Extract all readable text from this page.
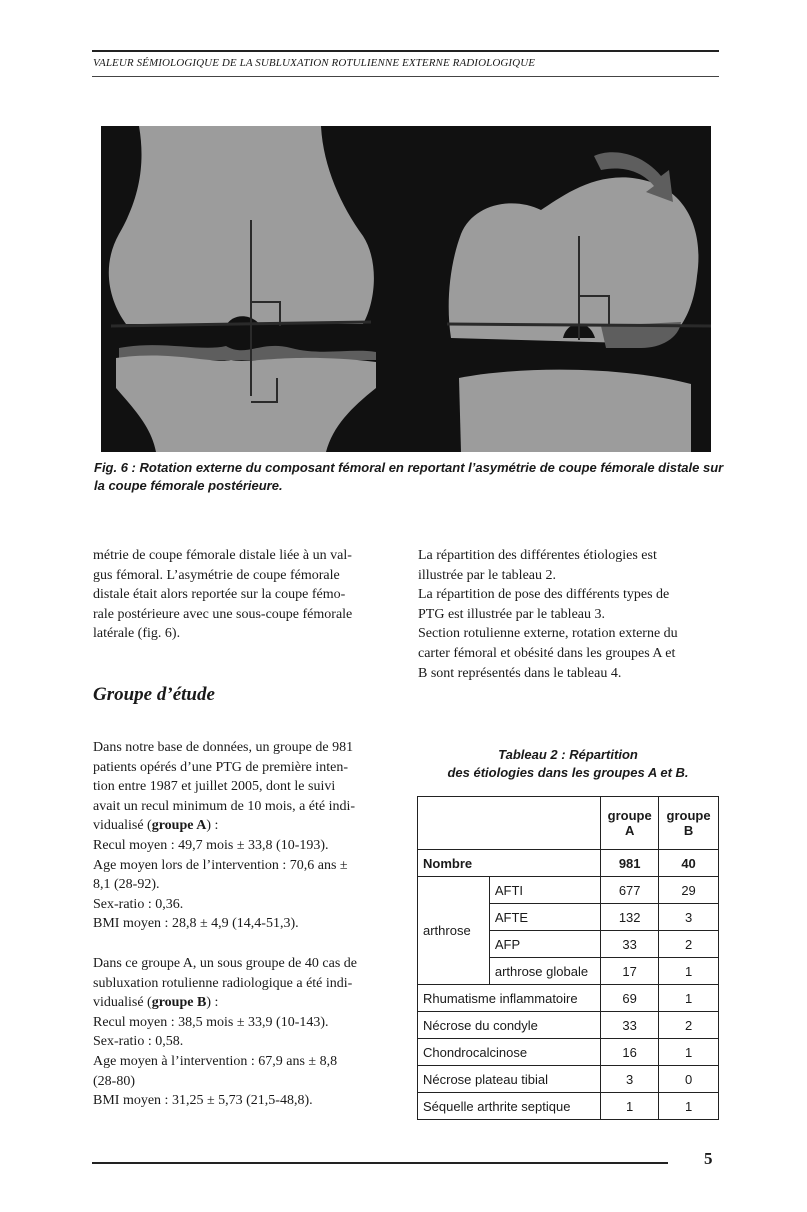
VALEUR SÉMIOLOGIQUE DE LA SUBLUXATION ROTULIENNE EXTERNE RADIOLOGIQUE
Fig. 6 : Rotation externe du composant fémoral en reportant l’asymétrie de coupe fémorale distale sur la coupe fémorale postérieure.
métrie de coupe fémorale distale liée à un val-
gus fémoral. L’asymétrie de coupe fémorale
distale était alors reportée sur la coupe fémo-
rale postérieure avec une sous-coupe fémorale
latérale (fig. 6).
Groupe d’étude
Dans notre base de données, un groupe de 981
patients opérés d’une PTG de première inten-
tion entre 1987 et juillet 2005, dont le suivi
avait un recul minimum de 10 mois, a été indi-
vidualisé (groupe A) :
Recul moyen : 49,7 mois ± 33,8 (10-193).
Age moyen lors de l’intervention : 70,6 ans ±
8,1 (28-92).
Sex-ratio : 0,36.
BMI moyen : 28,8 ± 4,9 (14,4-51,3).
Dans ce groupe A, un sous groupe de 40 cas de
subluxation rotulienne radiologique a été indi-
vidualisé (groupe B) :
Recul moyen : 38,5 mois ± 33,9 (10-143).
Sex-ratio : 0,58.
Age moyen à l’intervention : 67,9 ans ± 8,8
(28-80)
BMI moyen : 31,25 ± 5,73 (21,5-48,8).
La répartition des différentes étiologies est
illustrée par le tableau 2.
La répartition de pose des différents types de
PTG est illustrée par le tableau 3.
Section rotulienne externe, rotation externe du
carter fémoral et obésité dans les groupes A et
B sont représentés dans le tableau 4.
Tableau 2 : Répartition
des étiologies dans les groupes A et B.
		groupe A	groupe B
Nombre		981	40
arthrose	AFTI	677	29
	AFTE	132	3
	AFP	33	2
	arthrose globale	17	1
Rhumatisme inflammatoire		69	1
Nécrose du condyle		33	2
Chondrocalcinose		16	1
Nécrose plateau tibial		3	0
Séquelle arthrite septique		1	1
5
